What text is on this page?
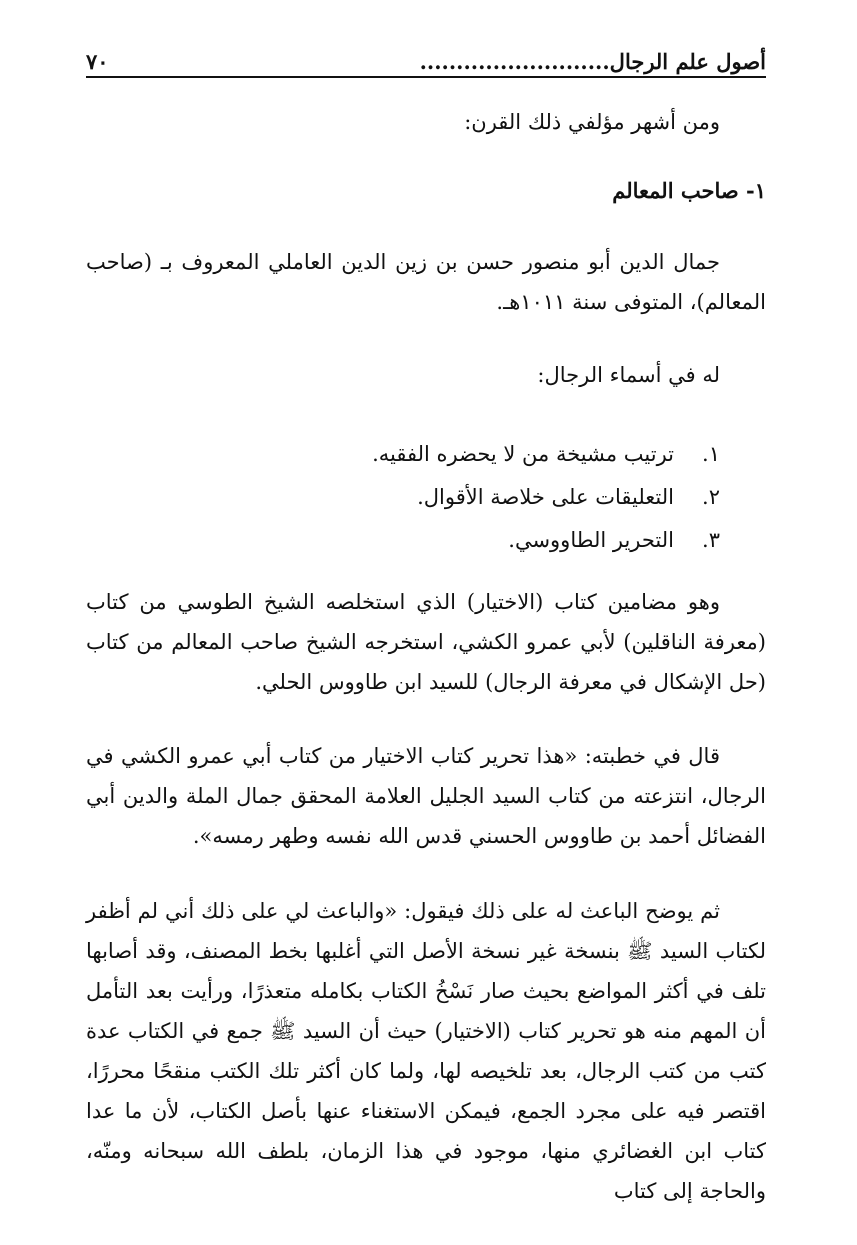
أصول علم الرجال..........................
٧٠
ومن أشهر مؤلفي ذلك القرن:
١- صاحب المعالم

جمال الدين أبو منصور حسن بن زين الدين العاملي المعروف بـ (صاحب المعالم)، المتوفى سنة ١٠١١هـ.

له في أسماء الرجال:
١.
ترتيب مشيخة من لا يحضره الفقيه.
٢.
التعليقات على خلاصة الأقوال.
٣.
التحرير الطاووسي.

وهو مضامين كتاب (الاختيار) الذي استخلصه الشيخ الطوسي من كتاب (معرفة الناقلين) لأبي عمرو الكشي، استخرجه الشيخ صاحب المعالم من كتاب (حل الإشكال في معرفة الرجال) للسيد ابن طاووس الحلي.

قال في خطبته: «هذا تحرير كتاب الاختيار من كتاب أبي عمرو الكشي في الرجال، انتزعته من كتاب السيد الجليل العلامة المحقق جمال الملة والدين أبي الفضائل أحمد بن طاووس الحسني قدس الله نفسه وطهر رمسه».

ثم يوضح الباعث له على ذلك فيقول: «والباعث لي على ذلك أني لم أظفر لكتاب السيد ﷺ بنسخة غير نسخة الأصل التي أغلبها بخط المصنف، وقد أصابها تلف في أكثر المواضع بحيث صار نَسْخُ الكتاب بكامله متعذرًا، ورأيت بعد التأمل أن المهم منه هو تحرير كتاب (الاختيار) حيث أن السيد ﷺ جمع في الكتاب عدة كتب من كتب الرجال، بعد تلخيصه لها، ولما كان أكثر تلك الكتب منقحًا محررًا، اقتصر فيه على مجرد الجمع، فيمكن الاستغناء عنها بأصل الكتاب، لأن ما عدا كتاب ابن الغضائري منها، موجود في هذا الزمان، بلطف الله سبحانه ومنّه، والحاجة إلى كتاب
